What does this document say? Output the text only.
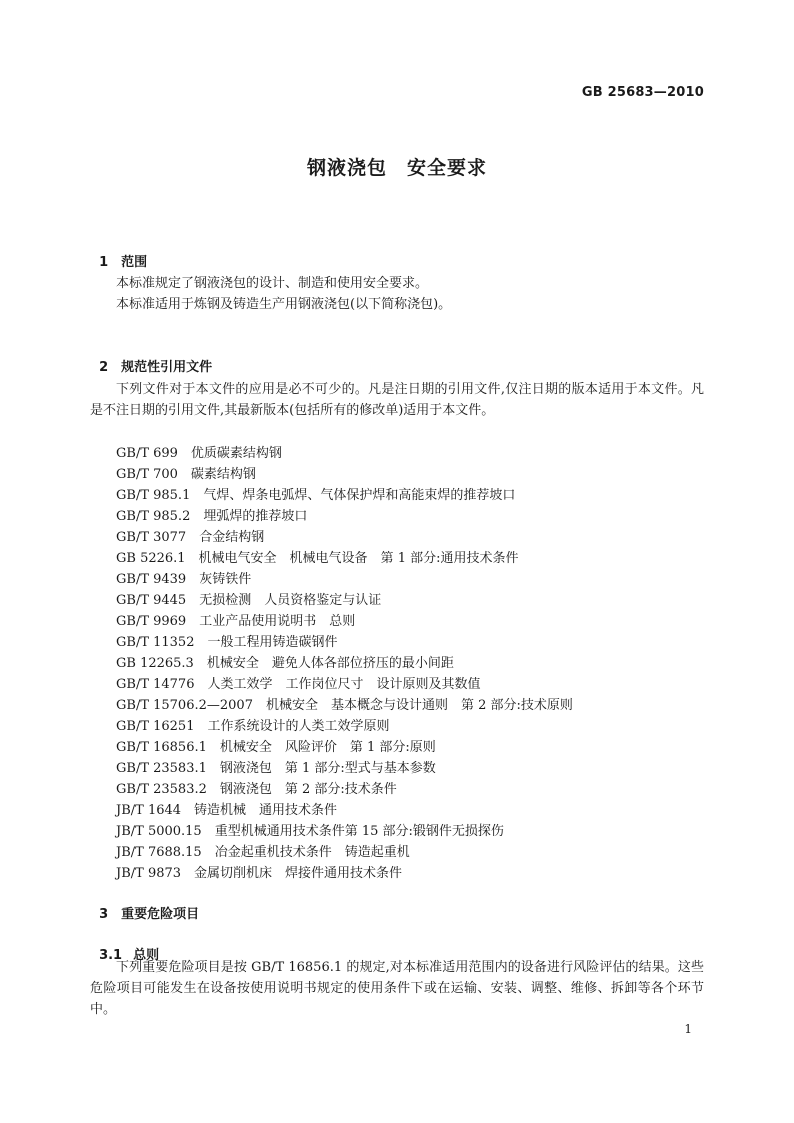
GB 25683—2010
钢液浇包　安全要求

1 范围

本标准规定了钢液浇包的设计、制造和使用安全要求。
本标准适用于炼钢及铸造生产用钢液浇包(以下简称浇包)。

2 规范性引用文件

下列文件对于本文件的应用是必不可少的。凡是注日期的引用文件,仅注日期的版本适用于本文件。凡是不注日期的引用文件,其最新版本(包括所有的修改单)适用于本文件。

GB/T 699　优质碳素结构钢
GB/T 700　碳素结构钢
GB/T 985.1　气焊、焊条电弧焊、气体保护焊和高能束焊的推荐坡口
GB/T 985.2　埋弧焊的推荐坡口
GB/T 3077　合金结构钢
GB 5226.1　机械电气安全　机械电气设备　第 1 部分:通用技术条件
GB/T 9439　灰铸铁件
GB/T 9445　无损检测　人员资格鉴定与认证
GB/T 9969　工业产品使用说明书　总则
GB/T 11352　一般工程用铸造碳钢件
GB 12265.3　机械安全　避免人体各部位挤压的最小间距
GB/T 14776　人类工效学　工作岗位尺寸　设计原则及其数值
GB/T 15706.2—2007　机械安全　基本概念与设计通则　第 2 部分:技术原则
GB/T 16251　工作系统设计的人类工效学原则
GB/T 16856.1　机械安全　风险评价　第 1 部分:原则
GB/T 23583.1　钢液浇包　第 1 部分:型式与基本参数
GB/T 23583.2　钢液浇包　第 2 部分:技术条件
JB/T 1644　铸造机械　通用技术条件
JB/T 5000.15　重型机械通用技术条件第 15 部分:锻钢件无损探伤
JB/T 7688.15　冶金起重机技术条件　铸造起重机
JB/T 9873　金属切削机床　焊接件通用技术条件

3 重要危险项目

3.1 总则

下列重要危险项目是按 GB/T 16856.1 的规定,对本标准适用范围内的设备进行风险评估的结果。这些危险项目可能发生在设备按使用说明书规定的使用条件下或在运输、安装、调整、维修、拆卸等各个环节中。

1
